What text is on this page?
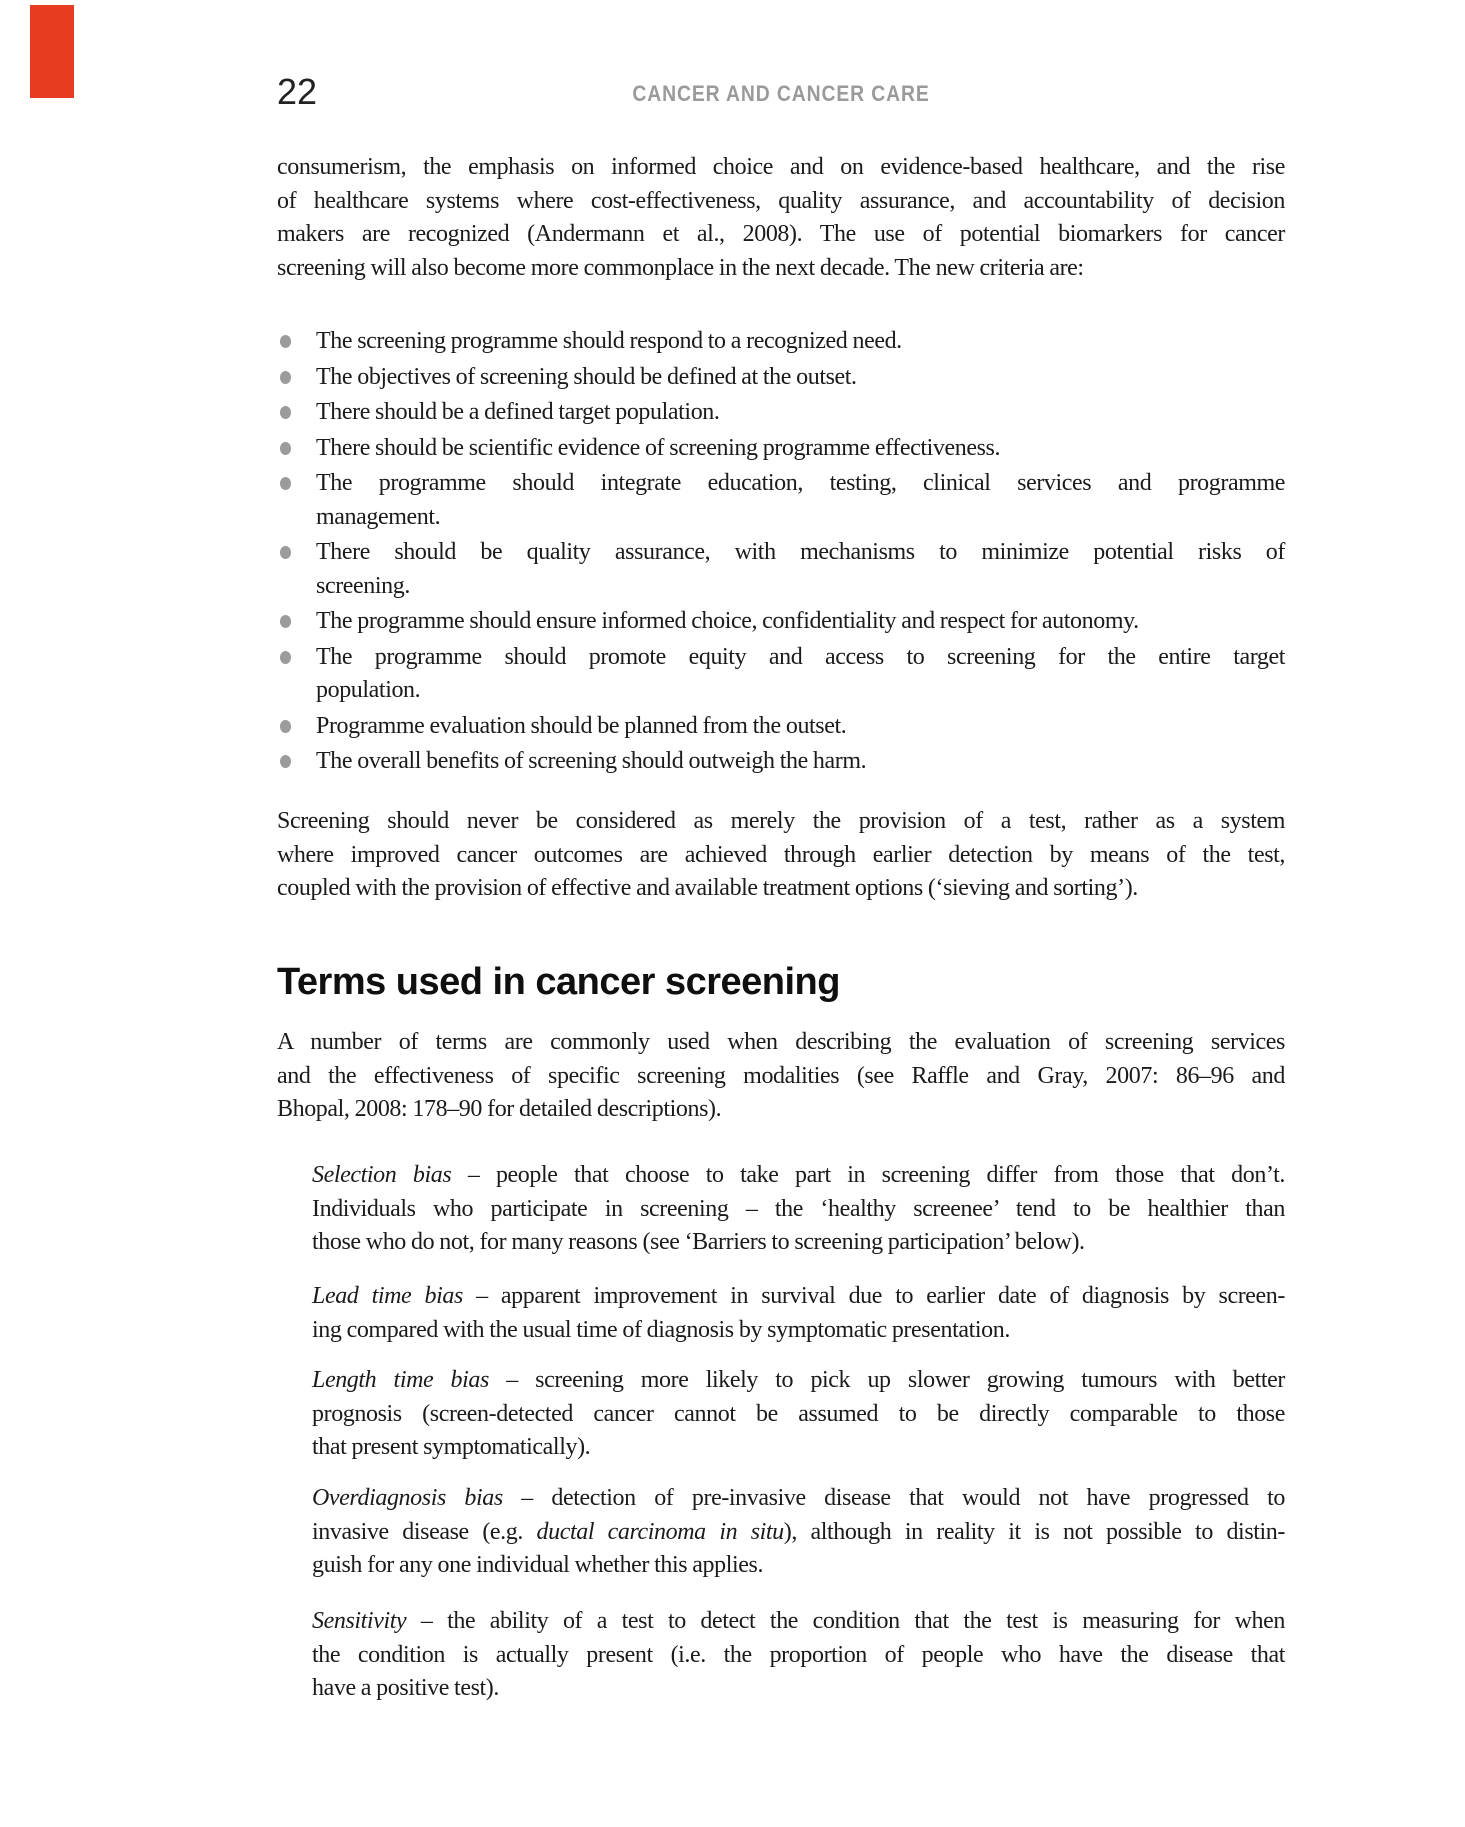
22	CANCER AND CANCER CARE
consumerism, the emphasis on informed choice and on evidence-based healthcare, and the rise
of healthcare systems where cost-effectiveness, quality assurance, and accountability of decision
makers are recognized (Andermann et al., 2008). The use of potential biomarkers for cancer
screening will also become more commonplace in the next decade. The new criteria are:
The screening programme should respond to a recognized need.
The objectives of screening should be defined at the outset.
There should be a defined target population.
There should be scientific evidence of screening programme effectiveness.
The programme should integrate education, testing, clinical services and programme
management.
There should be quality assurance, with mechanisms to minimize potential risks of
screening.
The programme should ensure informed choice, confidentiality and respect for autonomy.
The programme should promote equity and access to screening for the entire target
population.
Programme evaluation should be planned from the outset.
The overall benefits of screening should outweigh the harm.
Screening should never be considered as merely the provision of a test, rather as a system
where improved cancer outcomes are achieved through earlier detection by means of the test,
coupled with the provision of effective and available treatment options (‘sieving and sorting’).
Terms used in cancer screening
A number of terms are commonly used when describing the evaluation of screening services
and the effectiveness of specific screening modalities (see Raffle and Gray, 2007: 86–96 and
Bhopal, 2008: 178–90 for detailed descriptions).
Selection bias – people that choose to take part in screening differ from those that don’t.
Individuals who participate in screening – the ‘healthy screenee’ tend to be healthier than
those who do not, for many reasons (see ‘Barriers to screening participation’ below).
Lead time bias – apparent improvement in survival due to earlier date of diagnosis by screen-
ing compared with the usual time of diagnosis by symptomatic presentation.
Length time bias – screening more likely to pick up slower growing tumours with better
prognosis (screen-detected cancer cannot be assumed to be directly comparable to those
that present symptomatically).
Overdiagnosis bias – detection of pre-invasive disease that would not have progressed to
invasive disease (e.g. ductal carcinoma in situ), although in reality it is not possible to distin-
guish for any one individual whether this applies.
Sensitivity – the ability of a test to detect the condition that the test is measuring for when
the condition is actually present (i.e. the proportion of people who have the disease that
have a positive test).
